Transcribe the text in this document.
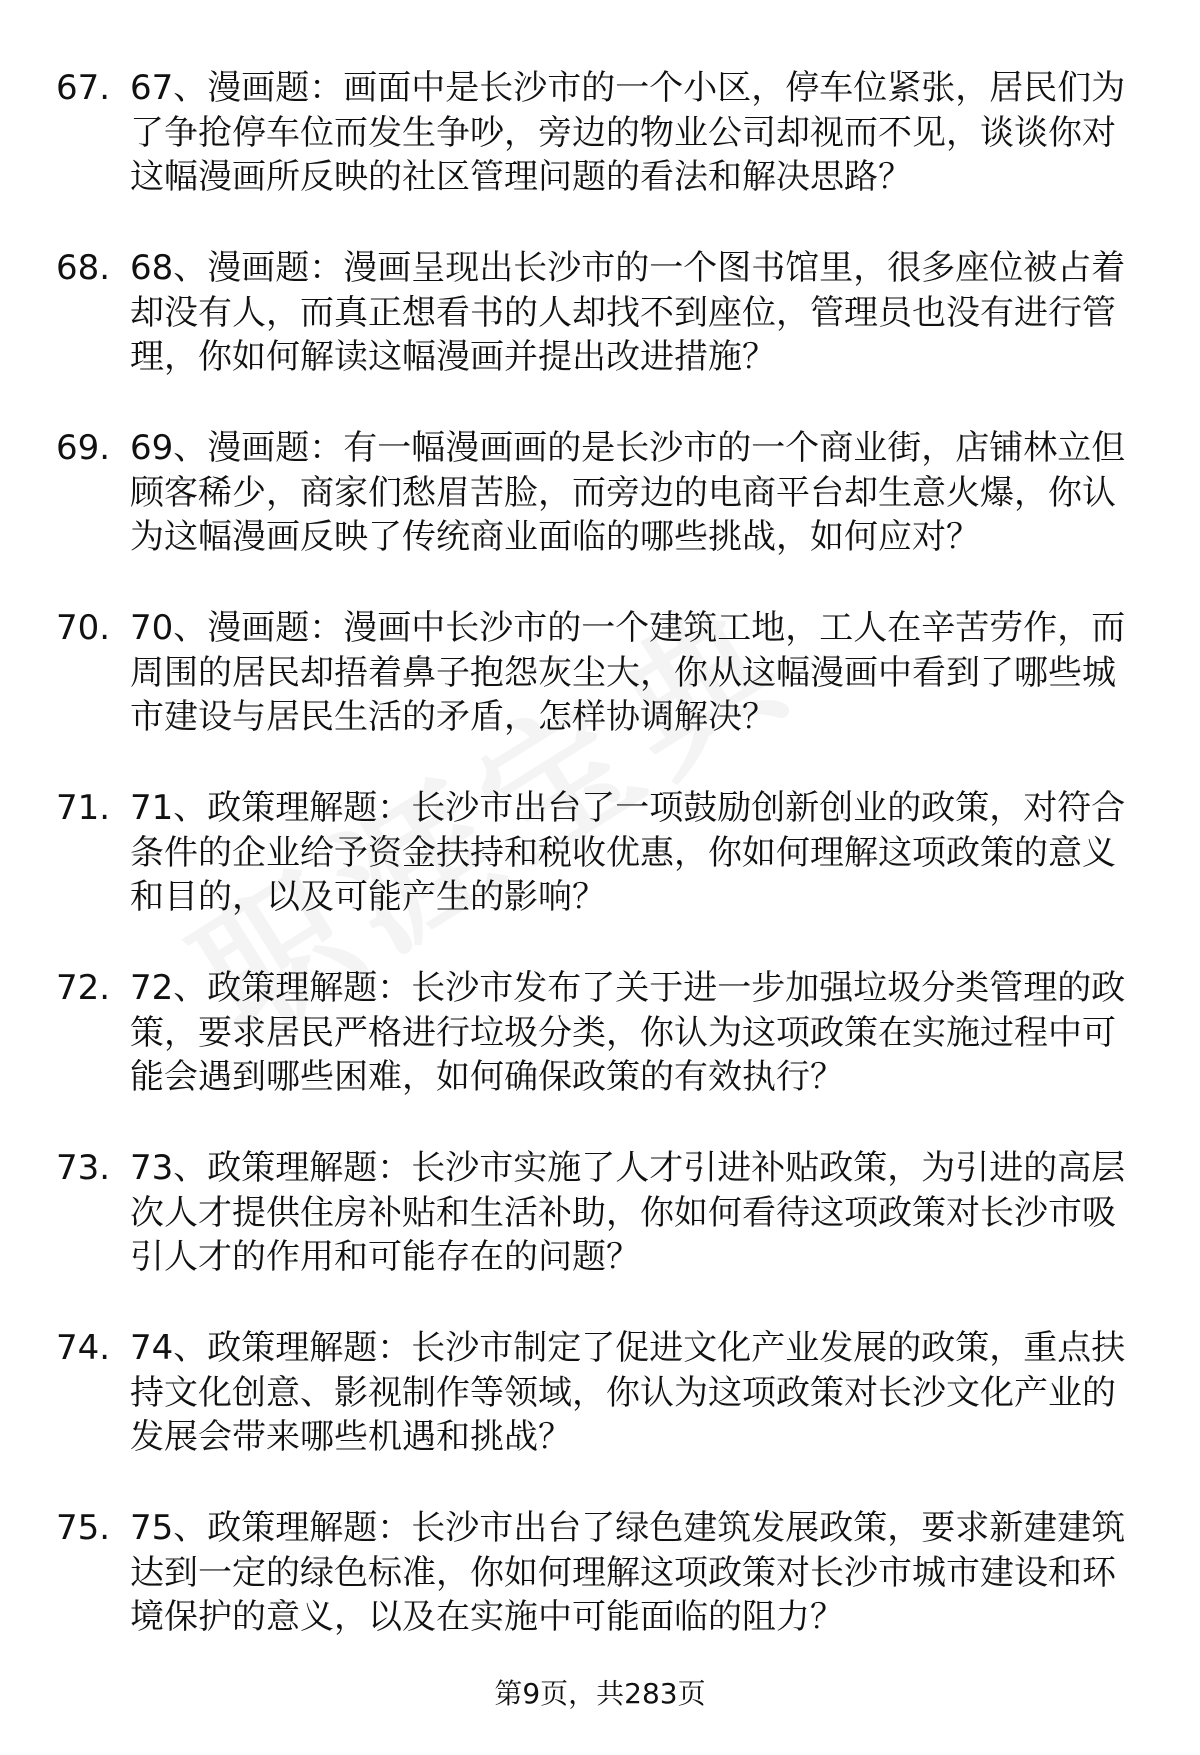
67. 67、漫画题：画面中是长沙市的一个小区，停车位紧张，居民们为了争抢停车位而发生争吵，旁边的物业公司却视而不见，谈谈你对这幅漫画所反映的社区管理问题的看法和解决思路？
68. 68、漫画题：漫画呈现出长沙市的一个图书馆里，很多座位被占着却没有人，而真正想看书的人却找不到座位，管理员也没有进行管理，你如何解读这幅漫画并提出改进措施？
69. 69、漫画题：有一幅漫画画的是长沙市的一个商业街，店铺林立但顾客稀少，商家们愁眉苦脸，而旁边的电商平台却生意火爆，你认为这幅漫画反映了传统商业面临的哪些挑战，如何应对？
70. 70、漫画题：漫画中长沙市的一个建筑工地，工人在辛苦劳作，而周围的居民却捂着鼻子抱怨灰尘大，你从这幅漫画中看到了哪些城市建设与居民生活的矛盾，怎样协调解决？
71. 71、政策理解题：长沙市出台了一项鼓励创新创业的政策，对符合条件的企业给予资金扶持和税收优惠，你如何理解这项政策的意义和目的，以及可能产生的影响？
72. 72、政策理解题：长沙市发布了关于进一步加强垃圾分类管理的政策，要求居民严格进行垃圾分类，你认为这项政策在实施过程中可能会遇到哪些困难，如何确保政策的有效执行？
73. 73、政策理解题：长沙市实施了人才引进补贴政策，为引进的高层次人才提供住房补贴和生活补助，你如何看待这项政策对长沙市吸引人才的作用和可能存在的问题？
74. 74、政策理解题：长沙市制定了促进文化产业发展的政策，重点扶持文化创意、影视制作等领域，你认为这项政策对长沙文化产业的发展会带来哪些机遇和挑战？
75. 75、政策理解题：长沙市出台了绿色建筑发展政策，要求新建建筑达到一定的绿色标准，你如何理解这项政策对长沙市城市建设和环境保护的意义，以及在实施中可能面临的阻力？
第9页，共283页
